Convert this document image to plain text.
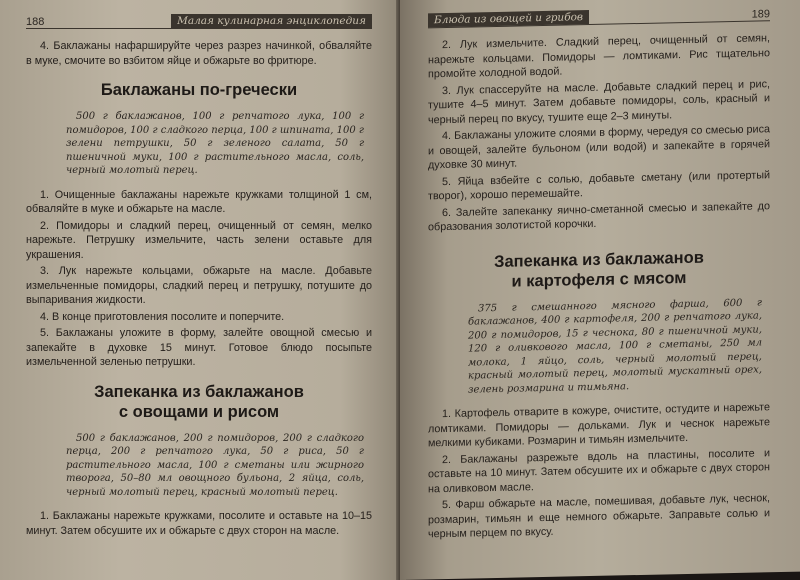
188	Малая кулинарная энциклопедия

4. Баклажаны нафаршируйте через разрез начинкой, обваляйте в муке, смочите во взбитом яйце и обжарьте во фритюре.

Баклажаны по-гречески
500 г баклажанов, 100 г репчатого лука, 100 г помидоров, 100 г сладкого перца, 100 г шпината, 100 г зелени петрушки, 50 г зеленого салата, 50 г пшеничной муки, 100 г растительного масла, соль, черный молотый перец.

1. Очищенные баклажаны нарежьте кружками толщиной 1 см, обваляйте в муке и обжарьте на масле.

2. Помидоры и сладкий перец, очищенный от семян, мелко нарежьте. Петрушку измельчите, часть зелени оставьте для украшения.

3. Лук нарежьте кольцами, обжарьте на масле. Добавьте измельченные помидоры, сладкий перец и петрушку, потушите до выпаривания жидкости.

4. В конце приготовления посолите и поперчите.

5. Баклажаны уложите в форму, залейте овощной смесью и запекайте в духовке 15 минут. Готовое блюдо посыпьте измельченной зеленью петрушки.

Запеканка из баклажанов
с овощами и рисом
500 г баклажанов, 200 г помидоров, 200 г сладкого перца, 200 г репчатого лука, 50 г риса, 50 г растительного масла, 100 г сметаны или жирного творога, 50–80 мл овощного бульона, 2 яйца, соль, черный молотый перец, красный молотый перец.

1. Баклажаны нарежьте кружками, посолите и оставьте на 10–15 минут. Затем обсушите их и обжарьте с двух сторон на масле.

Блюда из овощей и грибов	189

2. Лук измельчите. Сладкий перец, очищенный от семян, нарежьте кольцами. Помидоры — ломтиками. Рис тщательно промойте холодной водой.

3. Лук спассеруйте на масле. Добавьте сладкий перец и рис, тушите 4–5 минут. Затем добавьте помидоры, соль, красный и черный перец по вкусу, тушите еще 2–3 минуты.

4. Баклажаны уложите слоями в форму, чередуя со смесью риса и овощей, залейте бульоном (или водой) и запекайте в горячей духовке 30 минут.

5. Яйца взбейте с солью, добавьте сметану (или протертый творог), хорошо перемешайте.

6. Залейте запеканку яично-сметанной смесью и запекайте до образования золотистой корочки.

Запеканка из баклажанов
и картофеля с мясом
375 г смешанного мясного фарша, 600 г баклажанов, 400 г картофеля, 200 г репчатого лука, 200 г помидоров, 15 г чеснока, 80 г пшеничной муки, 120 г оливкового масла, 100 г сметаны, 250 мл молока, 1 яйцо, соль, черный молотый перец, красный молотый перец, молотый мускатный орех, зелень розмарина и тимьяна.

1. Картофель отварите в кожуре, очистите, остудите и нарежьте ломтиками. Помидоры — дольками. Лук и чеснок нарежьте мелкими кубиками. Розмарин и тимьян измельчите.

2. Баклажаны разрежьте вдоль на пластины, посолите и оставьте на 10 минут. Затем обсушите их и обжарьте с двух сторон на оливковом масле.

5. Фарш обжарьте на масле, помешивая, добавьте лук, чеснок, розмарин, тимьян и еще немного обжарьте. Заправьте солью и черным перцем по вкусу.
